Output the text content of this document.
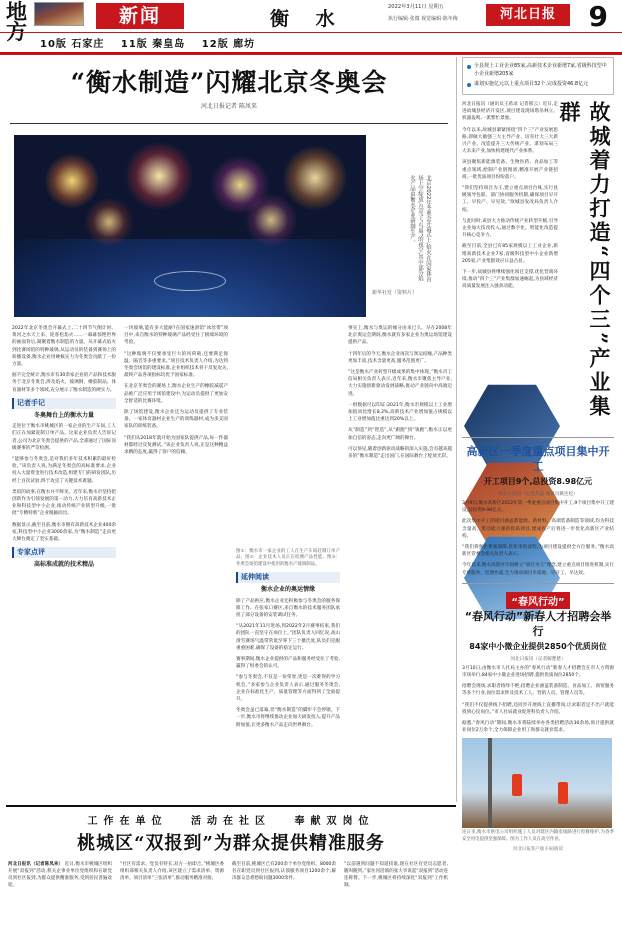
地
方
新闻	衡 水
2022年3月11日 星期五
执行编辑·张微 视觉编辑·陈冬梅	河北日报	9
10版 石家庄 11版 秦皇岛 12版 廊坊
“衡水制造”闪耀北京冬奥会
河北日报记者 陈凤来
北京2022年冬奥会开幕式上,焰火在国家体育场上空绽放,点亮了“鸟巢”的夜空,其中部分焰火产品由衡水企业研制生产。
新华社发（资料片）

2022年北京冬奥会开幕式上,二十四节气倒计时、黄河之水天上来、迎客松焰火……一幕幕惊艳世界的画面背后,凝聚着衡水制造的力量。从开幕式焰火到比赛场馆的特种玻璃,从运动员的装备到赛场上的转播设备,衡水企业用硬核实力为冬奥会贡献了一份力量。

据不完全统计,衡水市有30余家企业的产品和技术服务于北京冬奥会,涉及焰火、玻璃钢、橡胶制品、体育器材等多个领域,充分展示了衡水制造的硬实力。

记者手记

冬奥舞台上的衡水力量

走进位于衡水市桃城区的一家企业的生产车间,工人们正在加紧赶制订单产品。这家企业负责人告诉记者,公司为北京冬奥会提供的产品,全部通过了国际顶级赛事的严苛检测。

“能够参与冬奥会,是对我们多年技术积累的最好检验。”该负责人说,为满足冬奥会的高标准要求,企业投入大量资金进行技术改造,组建专门的研发团队,历经上百次试验,终于攻克了关键技术难题。

类似的故事,在衡水并不鲜见。近年来,衡水市坚持把创新作为引领发展的第一动力,大力培育高新技术企业和科技型中小企业,推动传统产业转型升级,一批批“专精特新”企业脱颖而出。

数据显示,截至目前,衡水市拥有高新技术企业400余家,科技型中小企业3000余家,为“衡水制造”走向更大舞台奠定了坚实基础。

专家点评

高标准成就的技术精品

一块玻璃,能有多大能耐?在国家速滑馆“冰丝带”项目中,来自衡水的特种玻璃产品经受住了极端环境的考验。

“这种玻璃不仅要承受巨大的风荷载,还要满足保温、隔音等多重要求。”项目技术负责人介绍,为达到冬奥会场馆的建设标准,企业组织技术骨干反复攻关,最终产品各项指标均优于国家标准。

在北京冬奥会的赛场上,衡水企业生产的橡胶减震产品被广泛应用于场馆建设中,为运动员提供了更加安全舒适的比赛环境。

除了场馆建设,衡水企业还为运动员提供了专业装备。一家体育器材企业生产的训练器材,成为多支国家队的训练装备。

“我们从2018年就开始为国家队提供产品,每一件器材都经过反复测试。”该企业负责人说,正是这种精益求精的态度,赢得了客户的信赖。

图①：衡水市一家企业的工人在生产车间赶制订单产品。图②：企业技术人员正在检测产品性能。图③：冬奥会场馆建设中使用的衡水产玻璃制品。
延伸阅读

衡水企业的奥运情缘

除了产品供应,衡水企业还积极参与冬奥会的服务保障工作。在张家口赛区,来自衡水的技术服务团队承担了部分设备的安装调试任务。

“从2021年11月进场,到2022年2月赛事结束,我们的团队一直坚守在岗位上。”团队负责人回忆说,高山滑雪赛场气温常常低至零下三十摄氏度,队员们克服重重困难,确保了设备的稳定运行。

赛事期间,衡水企业提供的产品和服务经受住了考验,赢得了组委会的认可。

“参与冬奥会,不仅是一份荣誉,更是一次难得的学习机会。”多家参与企业负责人表示,通过服务冬奥会,企业在标准化生产、质量管理等方面得到了全面提升。

冬奥会虽已落幕,但“衡水制造”的脚步不会停歇。下一步,衡水市将继续推动企业加大研发投入,提升产品附加值,让更多衡水产品走向世界舞台。

事实上,衡水与奥运的缘分由来已久。早在2008年北京奥运会期间,衡水就有多家企业为奥运场馆建设提供产品。

十四年后的今天,衡水企业再次与奥运结缘,产品种类更加丰富,技术含量更高,服务范围更广。

“这是衡水产业转型升级成果的集中体现。”衡水市工信局相关负责人表示,近年来,衡水市聚焦主导产业,大力实施创新驱动发展战略,推动产业链向中高端迈进。

一组数据可以印证:2021年,衡水市规模以上工业增加值同比增长8.2%,高新技术产业增加值占规模以上工业增加值比重达到20%以上。

从“制造”到“智造”,从“跟跑”到“领跑”,衡水正以更加自信的姿态,走向更广阔的舞台。

可以预见,随着创新驱动战略的深入实施,会有越来越多的“衡水制造”走出国门,在国际舞台上绽放光彩。

工作在单位 活动在社区 奉献双岗位
桃城区“双报到”为群众提供精准服务
河北日报讯（记者陈凤来） 近日,衡水市桃城区组织开展“双报到”活动,机关企事业单位党组织和在职党员到社区报到,为群众提供精准服务,受到居民普遍欢迎。
“社区有需求、党员有特长,双方一拍即合。”桃城区委组织部相关负责人介绍,该区建立了需求清单、资源清单、项目清单“三张清单”,推动服务精准对接。
截至目前,桃城区已有200余个单位党组织、8000余名在职党员到社区报到,认领服务项目1200余个,解决群众急难愁盼问题3000余件。
“以前遇到问题不知道找谁,现在社区有党员志愿者,随叫随到。”家住河沿镇的张大爷说起“双报到”活动连连称赞。下一步,桃城区将持续深化“双报到”工作机制。
全县规上工业企业85家,高新技术企业新增7家,省级科技型中小企业新增205家
谋划实施亿元以上重点项目32个,完成投资46.8亿元
故城着力打造“四个三”产业集群

河北日报讯（通讯员王希录 记者邢云）近日,走进故城县经济开发区,项目建设现场塔吊林立、机器轰鸣,一派繁忙景象。

今年以来,故城县紧紧围绕“四个三”产业发展思路,即做大做强三大主导产业、培育壮大三大新兴产业、改造提升三大传统产业、谋划布局三大未来产业,加快构建现代产业体系。

该县聚焦新能源装备、生物医药、食品加工等重点领域,绘制产业链图谱,精准开展产业链招商,一批优质项目纷纷落户。

“我们坚持项目为王,建立重点项目台账,实行县级领导包联、部门协同服务机制,确保项目早开工、早投产、早见效。”故城县发改局负责人介绍。

与此同时,该县大力推动传统产业转型升级,引导企业加大技改投入,通过数字化、智能化改造提升核心竞争力。

截至目前,全县已有85家规模以上工业企业,新增高新技术企业7家,省级科技型中小企业新增205家,产业集群效应日益凸显。

下一步,故城县将继续强化项目支撑,优化营商环境,推动“四个三”产业集群加速崛起,为县域经济高质量发展注入强劲动能。

高新区一季度重点项目集中开工
开工项目9个,总投资8.98亿元
河北日报讯（记者焦磊 通讯员姚连松）

3月9日,衡水高新区2022年第一季度重点项目集中开工,9个项目集中开工建设,总投资8.98亿元。

此次集中开工的项目涵盖新能源、新材料、高端装备制造等领域,均为科技含量高、带动能力强的优质项目,建成投产后将进一步优化高新区产业结构。

“我们将强化要素保障,优化审批流程,为项目建设提供全方位服务。”衡水高新区管委会相关负责人表示。

今年以来,衡水高新区牢固树立“项目为王”理念,建立重点项目推进机制,实行专班服务、挂图作战,全力推动项目早落地、早开工、早达效。

“春风行动”
“春风行动”新春人才招聘会举行
84家中小微企业提供2850个优质岗位
河北日报讯（记者解楚楚）

3月10日,由衡水市人社局主办的“春风行动”新春人才招聘会在市人力资源市场举行,84家中小微企业进场招聘,提供优质岗位2850个。

招聘会现场,求职者络绎不绝,招聘企业涵盖装备制造、食品加工、商贸服务等多个行业,岗位需求涉及技术工人、营销人员、管理人员等。

“我们不仅提供线下招聘,还同步开展线上直播带岗,让求职者足不出户就能找到心仪岗位。”市人社局就业促进科负责人介绍。

据悉,“春风行动”期间,衡水市将陆续举办各类招聘活动30余场,预计提供就业岗位2万余个,全力保障企业用工和群众就业需求。

连日来,衡水市供电公司组织施工人员对辖区内输电线路进行检修维护,为春季安全用电提供坚强保障。图为工作人员在高空作业。
河北日报客户端 扫码阅读
